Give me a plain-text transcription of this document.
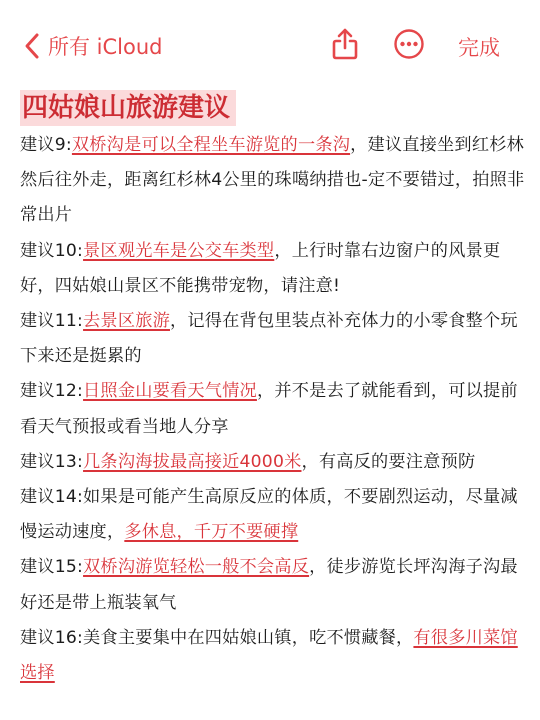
所有 iCloud	完成
四姑娘山旅游建议
建议9:双桥沟是可以全程坐车游览的一条沟，建议直接坐到红杉林然后往外走，距离红杉林4公里的珠噶纳措也-定不要错过，拍照非常出片
建议10:景区观光车是公交车类型，上行时靠右边窗户的风景更好，四姑娘山景区不能携带宠物，请注意!
建议11:去景区旅游，记得在背包里装点补充体力的小零食整个玩下来还是挺累的
建议12:日照金山要看天气情况，并不是去了就能看到，可以提前看天气预报或看当地人分享
建议13:几条沟海拔最高接近4000米，有高反的要注意预防
建议14:如果是可能产生高原反应的体质，不要剧烈运动，尽量减慢运动速度，多休息，千万不要硬撑
建议15:双桥沟游览轻松一般不会高反，徒步游览长坪沟海子沟最好还是带上瓶装氧气
建议16:美食主要集中在四姑娘山镇，吃不惯藏餐，有很多川菜馆选择
